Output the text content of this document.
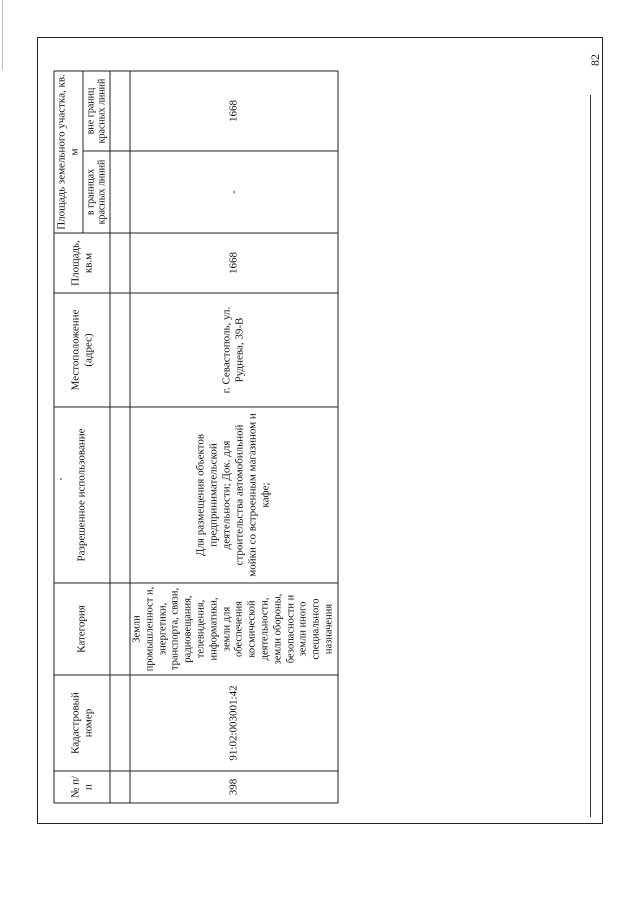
82
№ п/п	Кадастровый номер	Категория	Разрешенное использование	Местоположение (адрес)	Площадь, кв.м	Площадь земельного участка, кв. м	
						в границах красных линий	вне границ красных линий

398	91:02:003001:42	Земли промышленност и, энергетики, транспорта, связи, радиовещания, телевидения, информатики, земли для обеспечения космической деятельности, земли обороны, безопасности и земли иного специального назначения	Для размещения объектов предпринимательской деятельности; Док. для строительства автомобильной мойки со встроенным магазином и кафе;	г. Севастополь, ул. Руднева, 39-В	1668	-	1668
